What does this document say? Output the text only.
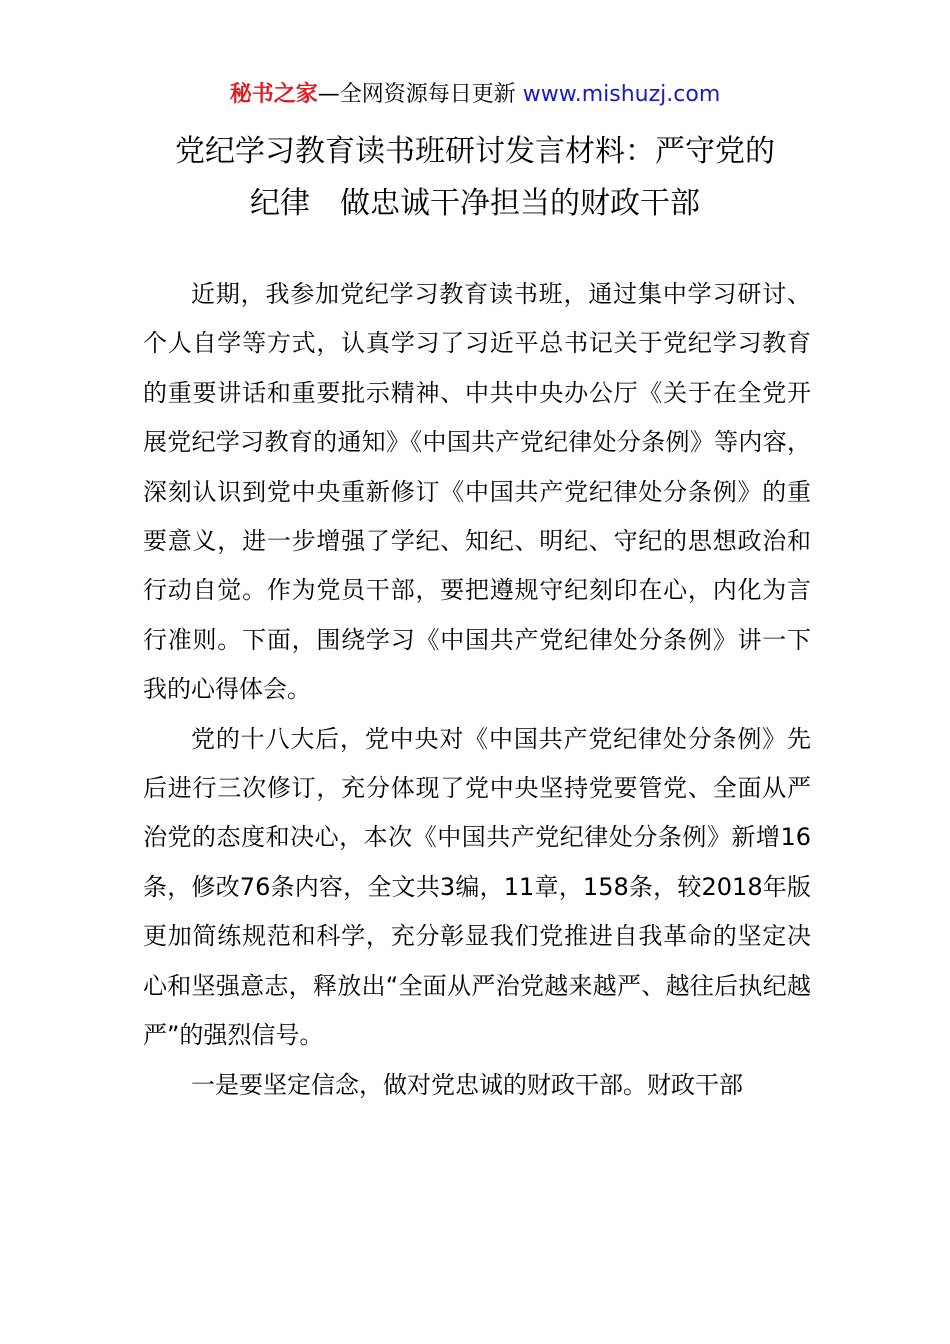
秘书之家—全网资源每日更新 www.mishuzj.com
党纪学习教育读书班研讨发言材料：严守党的
纪律　做忠诚干净担当的财政干部

近期，我参加党纪学习教育读书班，通过集中学习研讨、个人自学等方式，认真学习了习近平总书记关于党纪学习教育的重要讲话和重要批示精神、中共中央办公厅《关于在全党开展党纪学习教育的通知》《中国共产党纪律处分条例》等内容，深刻认识到党中央重新修订《中国共产党纪律处分条例》的重要意义，进一步增强了学纪、知纪、明纪、守纪的思想政治和行动自觉。作为党员干部，要把遵规守纪刻印在心，内化为言行准则。下面，围绕学习《中国共产党纪律处分条例》讲一下我的心得体会。

党的十八大后，党中央对《中国共产党纪律处分条例》先后进行三次修订，充分体现了党中央坚持党要管党、全面从严治党的态度和决心，本次《中国共产党纪律处分条例》新增16条，修改76条内容，全文共3编，11章，158条，较2018年版更加简练规范和科学，充分彰显我们党推进自我革命的坚定决心和坚强意志，释放出“全面从严治党越来越严、越往后执纪越严”的强烈信号。

一是要坚定信念，做对党忠诚的财政干部。财政干部
